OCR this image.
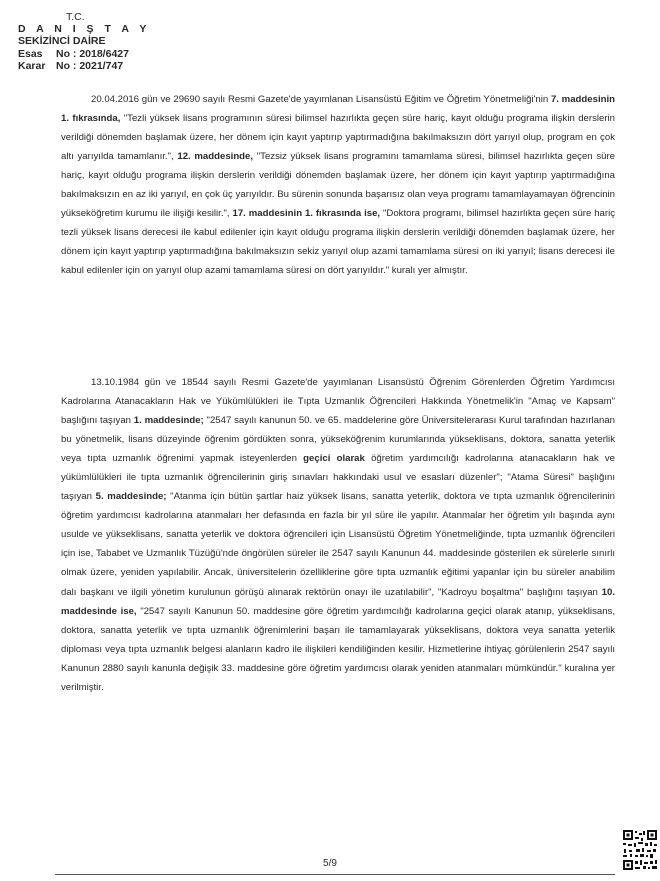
T.C.
D A N I Ş T A Y
SEKİZİNCİ DAİRE
Esas No : 2018/6427
Karar No : 2021/747

20.04.2016 gün ve 29690 sayılı Resmi Gazete'de yayımlanan Lisansüstü Eğitim ve Öğretim Yönetmeliği'nin 7. maddesinin 1. fıkrasında, "Tezli yüksek lisans programının süresi bilimsel hazırlıkta geçen süre hariç, kayıt olduğu programa ilişkin derslerin verildiği dönemden başlamak üzere, her dönem için kayıt yaptırıp yaptırmadığına bakılmaksızın dört yarıyıl olup, program en çok altı yarıyılda tamamlanır.", 12. maddesinde, "Tezsiz yüksek lisans programını tamamlama süresi, bilimsel hazırlıkta geçen süre hariç, kayıt olduğu programa ilişkin derslerin verildiği dönemden başlamak üzere, her dönem için kayıt yaptırıp yaptırmadığına bakılmaksızın en az iki yarıyıl, en çok üç yarıyıldır. Bu sürenin sonunda başarısız olan veya programı tamamlayamayan öğrencinin yükseköğretim kurumu ile ilişiği kesilir.", 17. maddesinin 1. fıkrasında ise, "Doktora programı, bilimsel hazırlıkta geçen süre hariç tezli yüksek lisans derecesi ile kabul edilenler için kayıt olduğu programa ilişkin derslerin verildiği dönemden başlamak üzere, her dönem için kayıt yaptırıp yaptırmadığına bakılmaksızın sekiz yarıyıl olup azami tamamlama süresi on iki yarıyıl; lisans derecesi ile kabul edilenler için on yarıyıl olup azami tamamlama süresi on dört yarıyıldır." kuralı yer almıştır.

13.10.1984 gün ve 18544 sayılı Resmi Gazete'de yayımlanan Lisansüstü Öğrenim Görenlerden Öğretim Yardımcısı Kadrolarına Atanacakların Hak ve Yükümlülükleri ile Tıpta Uzmanlık Öğrencileri Hakkında Yönetmelik'in "Amaç ve Kapsam" başlığını taşıyan 1. maddesinde; "2547 sayılı kanunun 50. ve 65. maddelerine göre Üniversitelerarası Kurul tarafından hazırlanan bu yönetmelik, lisans düzeyinde öğrenim gördükten sonra, yükseköğrenim kurumlarında yükseklisans, doktora, sanatta yeterlik veya tıpta uzmanlık öğrenimi yapmak isteyenlerden geçici olarak öğretim yardımcılığı kadrolarına atanacakların hak ve yükümlülükleri ile tıpta uzmanlık öğrencilerinin giriş sınavları hakkındaki usul ve esasları düzenler"; "Atama Süresi" başlığını taşıyan 5. maddesinde; "Atanma için bütün şartlar haiz yüksek lisans, sanatta yeterlik, doktora ve tıpta uzmanlık öğrencilerinin öğretim yardımcısı kadrolarına atanmaları her defasında en fazla bir yıl süre ile yapılır. Atanmalar her öğretim yılı başında aynı usulde ve yükseklisans, sanatta yeterlik ve doktora öğrencileri için Lisansüstü Öğretim Yönetmeliğinde, tıpta uzmanlık öğrencileri için ise, Tababet ve Uzmanlık Tüzüğü'nde öngörülen süreler ile 2547 sayılı Kanunun 44. maddesinde gösterilen ek sürelerle sınırlı olmak üzere, yeniden yapılabilir. Ancak, üniversitelerin özelliklerine göre tıpta uzmanlık eğitimi yapanlar için bu süreler anabilim dalı başkanı ve ilgili yönetim kurulunun görüşü alınarak rektörün onayı ile uzatılabilir", "Kadroyu boşaltma" başlığını taşıyan 10. maddesinde ise, "2547 sayılı Kanunun 50. maddesine göre öğretim yardımcılığı kadrolarına geçici olarak atanıp, yükseklisans, doktora, sanatta yeterlik ve tıpta uzmanlık öğrenimlerini başarı ile tamamlayarak yükseklisans, doktora veya sanatta yeterlik diploması veya tıpta uzmanlık belgesi alanların kadro ile ilişkileri kendiliğinden kesilir. Hizmetlerine ihtiyaç görülenlerin 2547 sayılı Kanunun 2880 sayılı kanunla değişik 33. maddesine göre öğretim yardımcısı olarak yeniden atanmaları mümkündür." kuralına yer verilmiştir.

5/9
